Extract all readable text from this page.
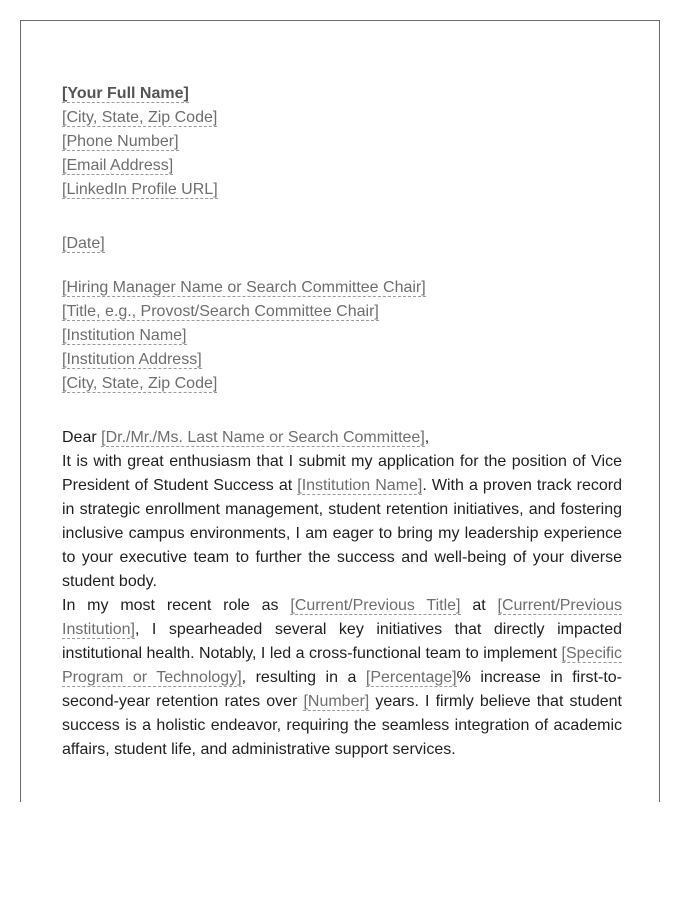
[Your Full Name]
[City, State, Zip Code]
[Phone Number]
[Email Address]
[LinkedIn Profile URL]
[Date]
[Hiring Manager Name or Search Committee Chair]
[Title, e.g., Provost/Search Committee Chair]
[Institution Name]
[Institution Address]
[City, State, Zip Code]
Dear [Dr./Mr./Ms. Last Name or Search Committee],

It is with great enthusiasm that I submit my application for the position of Vice President of Student Success at [Institution Name]. With a proven track record in strategic enrollment management, student retention initiatives, and fostering inclusive campus environments, I am eager to bring my leadership experience to your executive team to further the success and well-being of your diverse student body.

In my most recent role as [Current/Previous Title] at [Current/Previous Institution], I spearheaded several key initiatives that directly impacted institutional health. Notably, I led a cross-functional team to implement [Specific Program or Technology], resulting in a [Percentage]% increase in first-to-second-year retention rates over [Number] years. I firmly believe that student success is a holistic endeavor, requiring the seamless integration of academic affairs, student life, and administrative support services.
